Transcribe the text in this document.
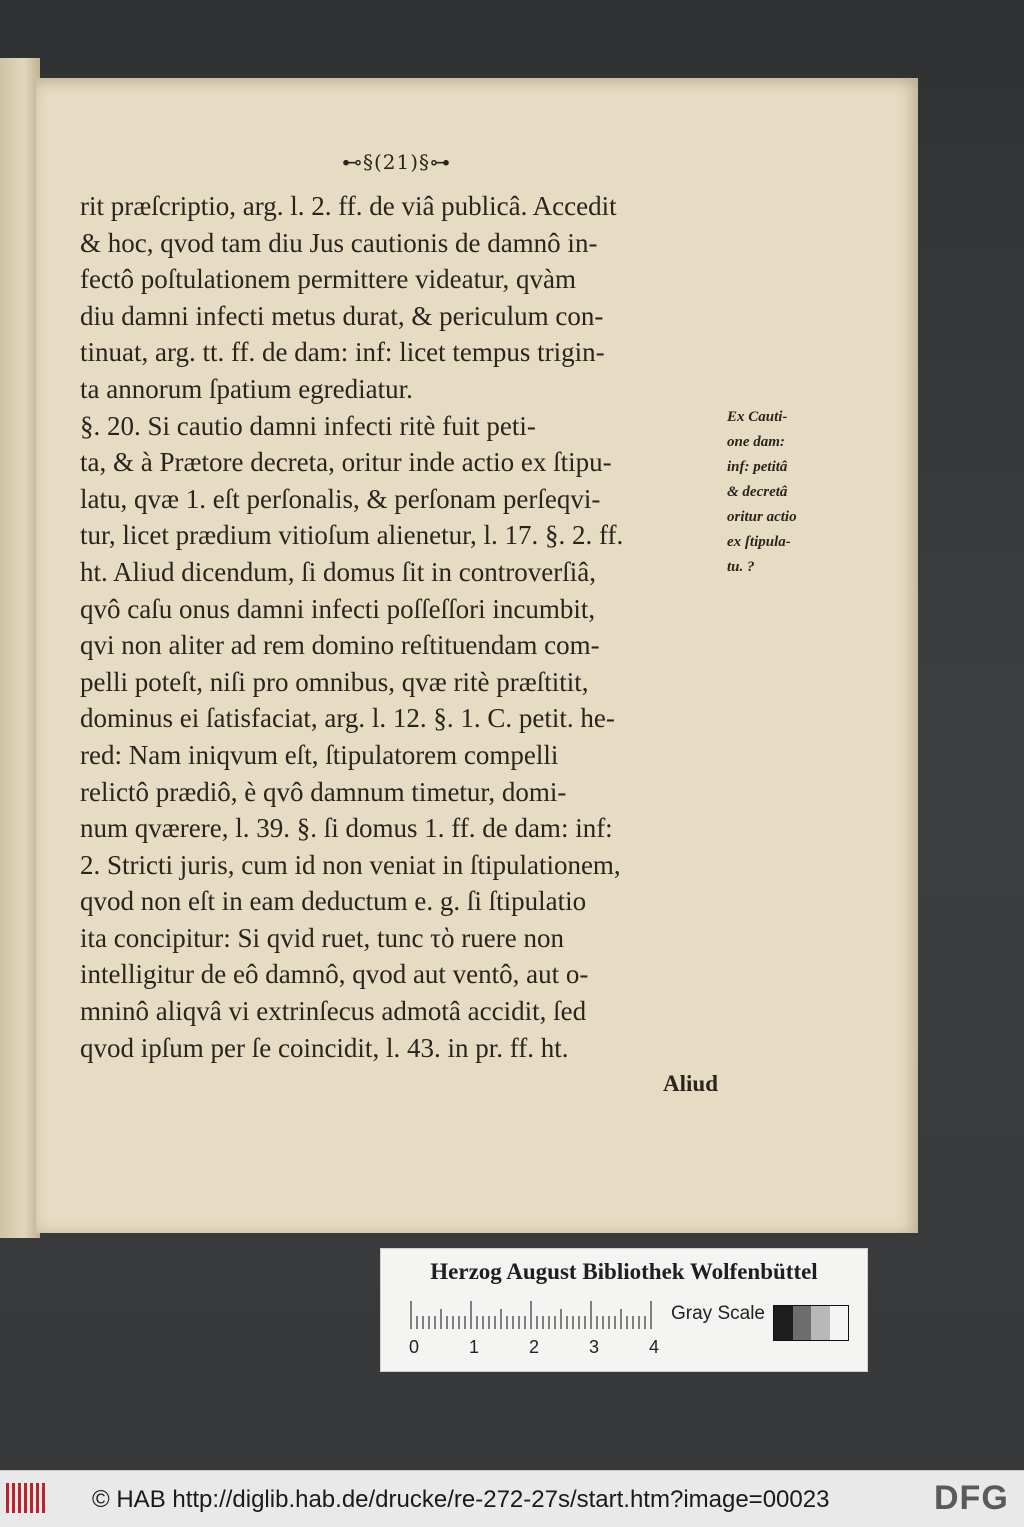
⊷§(21)§⊶
rit præſcriptio, arg. l. 2. ff. de viâ publicâ. Accedit
& hoc, qvod tam diu Jus cautionis de damnô in-
fectô poſtulationem permittere videatur, qvàm
diu damni infecti metus durat, & periculum con-
tinuat, arg. tt. ff. de dam: inf: licet tempus trigin-
ta annorum ſpatium egrediatur.
§. 20. Si cautio damni infecti ritè fuit peti-
ta, & à Prætore decreta, oritur inde actio ex ſtipu-
latu, qvæ 1. eſt perſonalis, & perſonam perſeqvi-
tur, licet prædium vitioſum alienetur, l. 17. §. 2. ff.
ht. Aliud dicendum, ſi domus ſit in controverſiâ,
qvô caſu onus damni infecti poſſeſſori incumbit,
qvi non aliter ad rem domino reſtituendam com-
pelli poteſt, niſi pro omnibus, qvæ ritè præſtitit,
dominus ei ſatisfaciat, arg. l. 12. §. 1. C. petit. he-
red: Nam iniqvum eſt, ſtipulatorem compelli
relictô prædiô, è qvô damnum timetur, domi-
num qværere, l. 39. §. ſi domus 1. ff. de dam: inf:
2. Stricti juris, cum id non veniat in ſtipulationem,
qvod non eſt in eam deductum e. g. ſi ſtipulatio
ita concipitur: Si qvid ruet, tunc τὸ ruere non
intelligitur de eô damnô, qvod aut ventô, aut o-
mninô aliqvâ vi extrinſecus admotâ accidit, ſed
qvod ipſum per ſe coincidit, l. 43. in pr. ff. ht.
Aliud
Ex Cauti-
one dam:
inf: petitâ
& decretâ
oritur actio
ex ſtipula-
tu. ?
Herzog August Bibliothek Wolfenbüttel
0	1	2	3	4
Gray Scale
© HAB http://diglib.hab.de/drucke/re-272-27s/start.htm?image=00023	DFG
